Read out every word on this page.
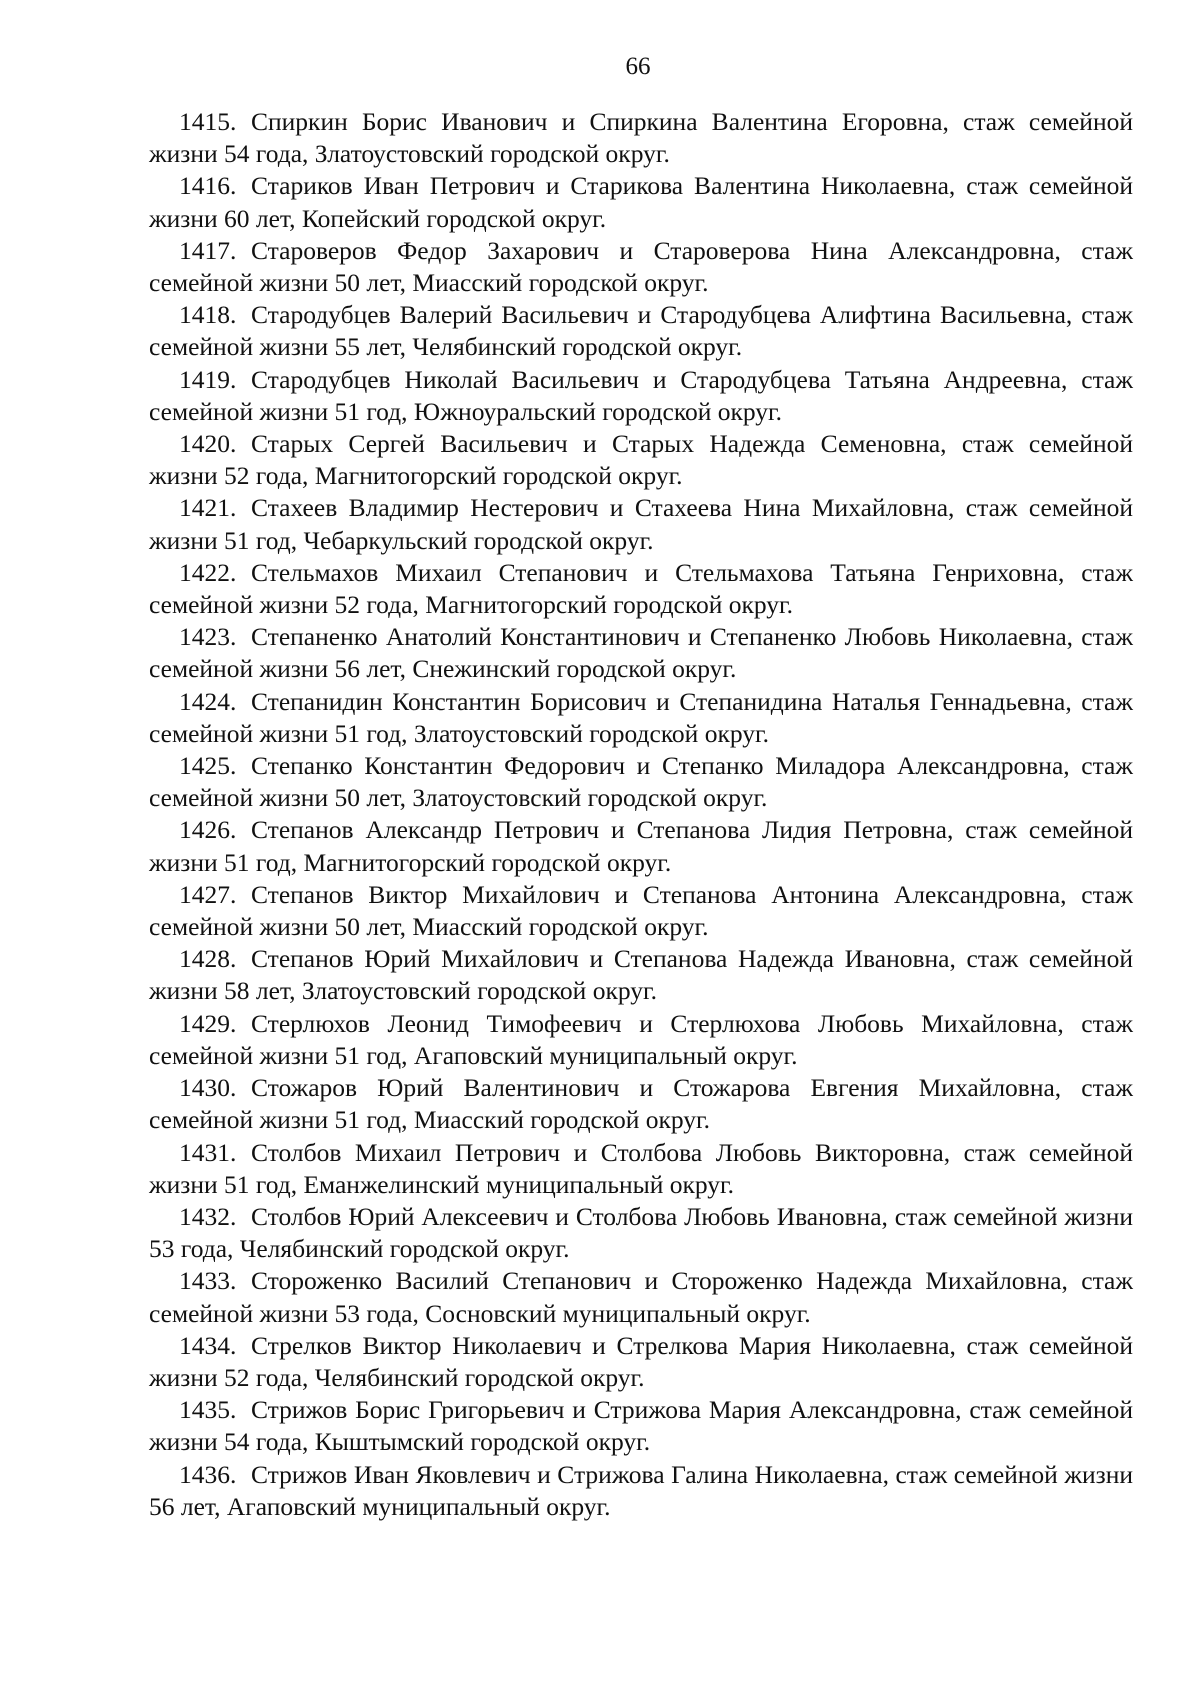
66
1415. Спиркин Борис Иванович и Спиркина Валентина Егоровна, стаж семейной жизни 54 года, Златоустовский городской округ.
1416. Стариков Иван Петрович и Старикова Валентина Николаевна, стаж семейной жизни 60 лет, Копейский городской округ.
1417. Староверов Федор Захарович и Староверова Нина Александровна, стаж семейной жизни 50 лет, Миасский городской округ.
1418. Стародубцев Валерий Васильевич и Стародубцева Алифтина Васильевна, стаж семейной жизни 55 лет, Челябинский городской округ.
1419. Стародубцев Николай Васильевич и Стародубцева Татьяна Андреевна, стаж семейной жизни 51 год, Южноуральский городской округ.
1420. Старых Сергей Васильевич и Старых Надежда Семеновна, стаж семейной жизни 52 года, Магнитогорский городской округ.
1421. Стахеев Владимир Нестерович и Стахеева Нина Михайловна, стаж семейной жизни 51 год, Чебаркульский городской округ.
1422. Стельмахов Михаил Степанович и Стельмахова Татьяна Генриховна, стаж семейной жизни 52 года, Магнитогорский городской округ.
1423. Степаненко Анатолий Константинович и Степаненко Любовь Николаевна, стаж семейной жизни 56 лет, Снежинский городской округ.
1424. Степанидин Константин Борисович и Степанидина Наталья Геннадьевна, стаж семейной жизни 51 год, Златоустовский городской округ.
1425. Степанко Константин Федорович и Степанко Миладора Александровна, стаж семейной жизни 50 лет, Златоустовский городской округ.
1426. Степанов Александр Петрович и Степанова Лидия Петровна, стаж семейной жизни 51 год, Магнитогорский городской округ.
1427. Степанов Виктор Михайлович и Степанова Антонина Александровна, стаж семейной жизни 50 лет, Миасский городской округ.
1428. Степанов Юрий Михайлович и Степанова Надежда Ивановна, стаж семейной жизни 58 лет, Златоустовский городской округ.
1429. Стерлюхов Леонид Тимофеевич и Стерлюхова Любовь Михайловна, стаж семейной жизни 51 год, Агаповский муниципальный округ.
1430. Стожаров Юрий Валентинович и Стожарова Евгения Михайловна, стаж семейной жизни 51 год, Миасский городской округ.
1431. Столбов Михаил Петрович и Столбова Любовь Викторовна, стаж семейной жизни 51 год, Еманжелинский муниципальный округ.
1432. Столбов Юрий Алексеевич и Столбова Любовь Ивановна, стаж семейной жизни 53 года, Челябинский городской округ.
1433. Стороженко Василий Степанович и Стороженко Надежда Михайловна, стаж семейной жизни 53 года, Сосновский муниципальный округ.
1434. Стрелков Виктор Николаевич и Стрелкова Мария Николаевна, стаж семейной жизни 52 года, Челябинский городской округ.
1435. Стрижов Борис Григорьевич и Стрижова Мария Александровна, стаж семейной жизни 54 года, Кыштымский городской округ.
1436. Стрижов Иван Яковлевич и Стрижова Галина Николаевна, стаж семейной жизни 56 лет, Агаповский муниципальный округ.
